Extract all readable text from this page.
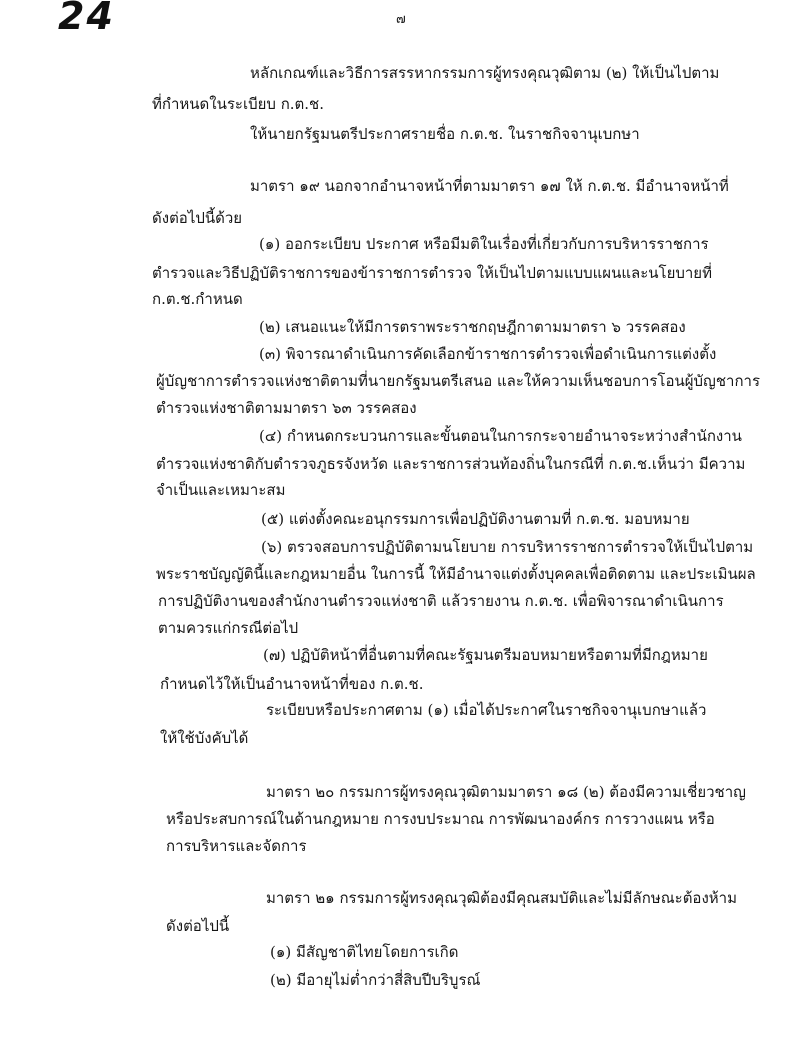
24	๗
หลักเกณฑ์และวิธีการสรรหากรรมการผู้ทรงคุณวุฒิตาม (๒) ให้เป็นไปตาม
ที่กำหนดในระเบียบ ก.ต.ช.
ให้นายกรัฐมนตรีประกาศรายชื่อ ก.ต.ช. ในราชกิจจานุเบกษา
มาตรา ๑๙ นอกจากอำนาจหน้าที่ตามมาตรา ๑๗ ให้ ก.ต.ช. มีอำนาจหน้าที่
ดังต่อไปนี้ด้วย
(๑) ออกระเบียบ ประกาศ หรือมีมติในเรื่องที่เกี่ยวกับการบริหารราชการ
ตำรวจและวิธีปฏิบัติราชการของข้าราชการตำรวจ ให้เป็นไปตามแบบแผนและนโยบายที่
ก.ต.ช.กำหนด
(๒) เสนอแนะให้มีการตราพระราชกฤษฎีกาตามมาตรา ๖ วรรคสอง
(๓) พิจารณาดำเนินการคัดเลือกข้าราชการตำรวจเพื่อดำเนินการแต่งตั้ง
ผู้บัญชาการตำรวจแห่งชาติตามที่นายกรัฐมนตรีเสนอ และให้ความเห็นชอบการโอนผู้บัญชาการ
ตำรวจแห่งชาติตามมาตรา ๖๓ วรรคสอง
(๔) กำหนดกระบวนการและขั้นตอนในการกระจายอำนาจระหว่างสำนักงาน
ตำรวจแห่งชาติกับตำรวจภูธรจังหวัด และราชการส่วนท้องถิ่นในกรณีที่ ก.ต.ช.เห็นว่า มีความ
จำเป็นและเหมาะสม
(๕) แต่งตั้งคณะอนุกรรมการเพื่อปฏิบัติงานตามที่ ก.ต.ช. มอบหมาย
(๖) ตรวจสอบการปฏิบัติตามนโยบาย การบริหารราชการตำรวจให้เป็นไปตาม
พระราชบัญญัตินี้และกฎหมายอื่น ในการนี้ ให้มีอำนาจแต่งตั้งบุคคลเพื่อติดตาม และประเมินผล
การปฏิบัติงานของสำนักงานตำรวจแห่งชาติ แล้วรายงาน ก.ต.ช. เพื่อพิจารณาดำเนินการ
ตามควรแก่กรณีต่อไป
(๗) ปฏิบัติหน้าที่อื่นตามที่คณะรัฐมนตรีมอบหมายหรือตามที่มีกฎหมาย
กำหนดไว้ให้เป็นอำนาจหน้าที่ของ ก.ต.ช.
ระเบียบหรือประกาศตาม (๑) เมื่อได้ประกาศในราชกิจจานุเบกษาแล้ว
ให้ใช้บังคับได้
มาตรา ๒๐ กรรมการผู้ทรงคุณวุฒิตามมาตรา ๑๘ (๒) ต้องมีความเชี่ยวชาญ
หรือประสบการณ์ในด้านกฎหมาย การงบประมาณ การพัฒนาองค์กร การวางแผน หรือ
การบริหารและจัดการ
มาตรา ๒๑ กรรมการผู้ทรงคุณวุฒิต้องมีคุณสมบัติและไม่มีลักษณะต้องห้าม
ดังต่อไปนี้
(๑) มีสัญชาติไทยโดยการเกิด
(๒) มีอายุไม่ต่ำกว่าสี่สิบปีบริบูรณ์
